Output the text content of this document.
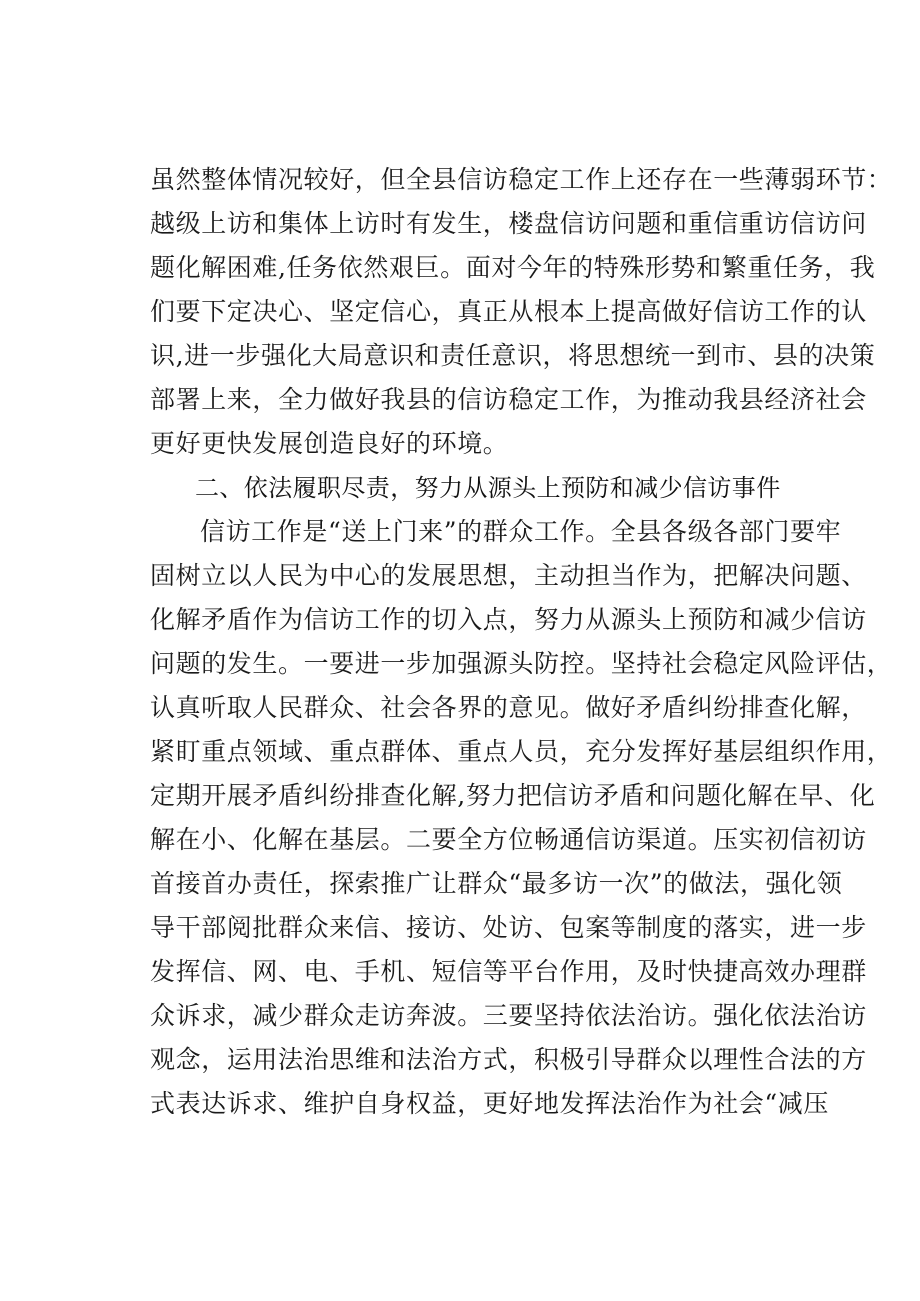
虽然整体情况较好，但全县信访稳定工作上还存在一些薄弱环节：
越级上访和集体上访时有发生，楼盘信访问题和重信重访信访问
题化解困难,任务依然艰巨。面对今年的特殊形势和繁重任务，我
们要下定决心、坚定信心，真正从根本上提高做好信访工作的认
识,进一步强化大局意识和责任意识，将思想统一到市、县的决策
部署上来，全力做好我县的信访稳定工作，为推动我县经济社会
更好更快发展创造良好的环境。
二、依法履职尽责，努力从源头上预防和减少信访事件
信访工作是“送上门来”的群众工作。全县各级各部门要牢
固树立以人民为中心的发展思想，主动担当作为，把解决问题、
化解矛盾作为信访工作的切入点，努力从源头上预防和减少信访
问题的发生。一要进一步加强源头防控。坚持社会稳定风险评估，
认真听取人民群众、社会各界的意见。做好矛盾纠纷排查化解，
紧盯重点领域、重点群体、重点人员，充分发挥好基层组织作用，
定期开展矛盾纠纷排查化解,努力把信访矛盾和问题化解在早、化
解在小、化解在基层。二要全方位畅通信访渠道。压实初信初访
首接首办责任，探索推广让群众“最多访一次”的做法，强化领
导干部阅批群众来信、接访、处访、包案等制度的落实，进一步
发挥信、网、电、手机、短信等平台作用，及时快捷高效办理群
众诉求，减少群众走访奔波。三要坚持依法治访。强化依法治访
观念，运用法治思维和法治方式，积极引导群众以理性合法的方
式表达诉求、维护自身权益，更好地发挥法治作为社会“减压
